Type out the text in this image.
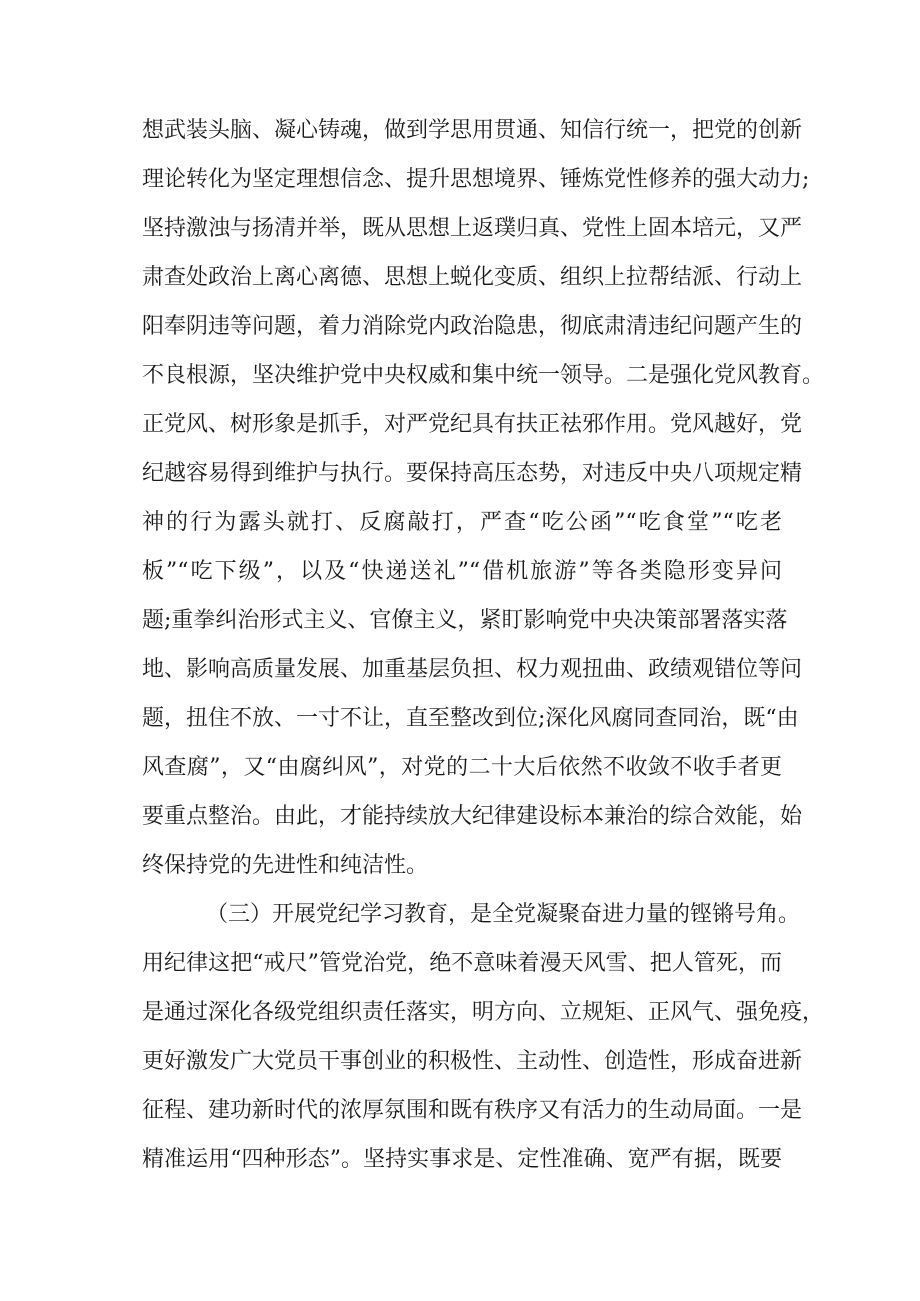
想武装头脑、凝心铸魂，做到学思用贯通、知信行统一，把党的创新
理论转化为坚定理想信念、提升思想境界、锤炼党性修养的强大动力;
坚持激浊与扬清并举，既从思想上返璞归真、党性上固本培元，又严
肃查处政治上离心离德、思想上蜕化变质、组织上拉帮结派、行动上
阳奉阴违等问题，着力消除党内政治隐患，彻底肃清违纪问题产生的
不良根源，坚决维护党中央权威和集中统一领导。二是强化党风教育。
正党风、树形象是抓手，对严党纪具有扶正祛邪作用。党风越好，党
纪越容易得到维护与执行。要保持高压态势，对违反中央八项规定精
神的行为露头就打、反腐敲打，严查“吃公函”“吃食堂”“吃老
板”“吃下级”，以及“快递送礼”“借机旅游”等各类隐形变异问
题;重拳纠治形式主义、官僚主义，紧盯影响党中央决策部署落实落
地、影响高质量发展、加重基层负担、权力观扭曲、政绩观错位等问
题，扭住不放、一寸不让，直至整改到位;深化风腐同查同治，既“由
风查腐”，又“由腐纠风”，对党的二十大后依然不收敛不收手者更
要重点整治。由此，才能持续放大纪律建设标本兼治的综合效能，始
终保持党的先进性和纯洁性。
（三）开展党纪学习教育，是全党凝聚奋进力量的铿锵号角。
用纪律这把“戒尺”管党治党，绝不意味着漫天风雪、把人管死，而
是通过深化各级党组织责任落实，明方向、立规矩、正风气、强免疫，
更好激发广大党员干事创业的积极性、主动性、创造性，形成奋进新
征程、建功新时代的浓厚氛围和既有秩序又有活力的生动局面。一是
精准运用“四种形态”。坚持实事求是、定性准确、宽严有据，既要
